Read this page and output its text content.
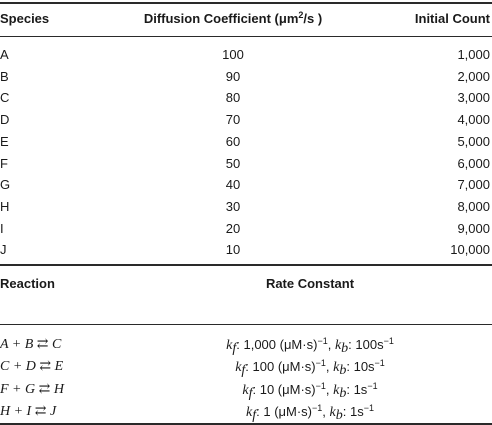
Species	Diffusion Coefficient ($\mu m^2/s$ )	Initial Count
A	100	1,000
B	90	2,000
C	80	3,000
D	70	4,000
E	60	5,000
F	50	6,000
G	40	7,000
H	30	8,000
I	20	9,000
J	10	10,000
Reaction	Rate Constant
A + B ⇄ C	$k_f$: 1,000 $(\mu M\cdot s)^{-1}$, $k_b$: $100s^{-1}$
C + D ⇄ E	$k_f$: 100 $(\mu M\cdot s)^{-1}$, $k_b$: $10s^{-1}$
F + G ⇄ H	$k_f$: 10 $(\mu M\cdot s)^{-1}$, $k_b$: $1s^{-1}$
H + I ⇄ J	$k_f$: 1 $(\mu M\cdot s)^{-1}$, $k_b$: $1s^{-1}$
